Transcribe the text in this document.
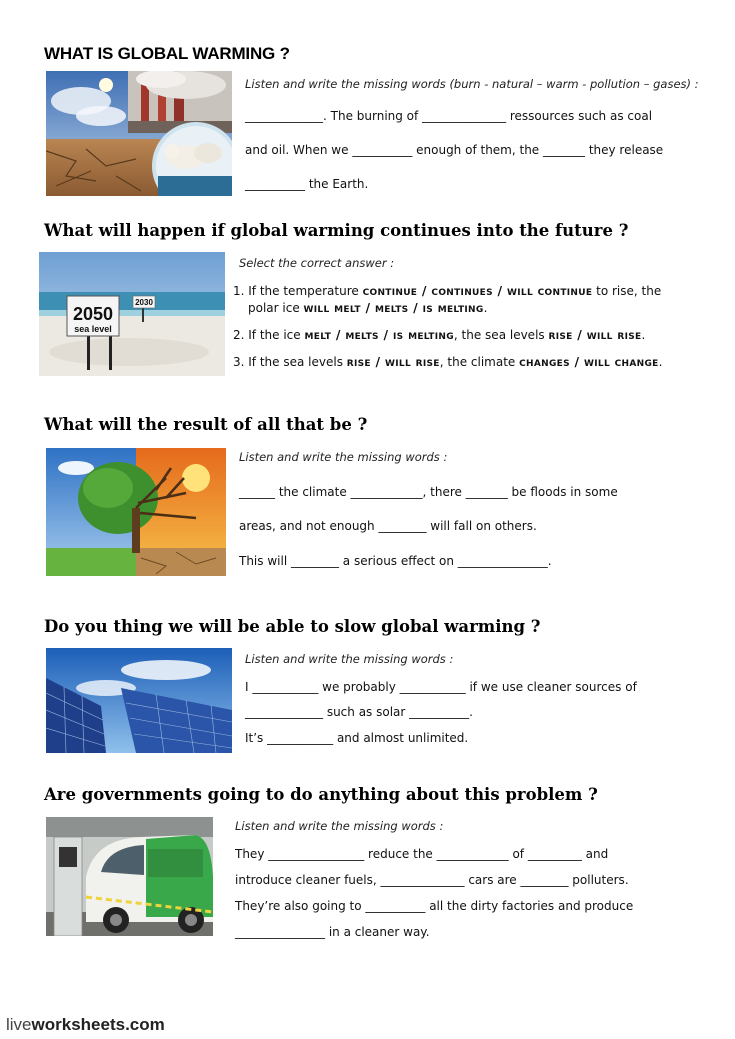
WHAT IS GLOBAL WARMING ?
Listen and write the missing words (burn - natural – warm - pollution – gases) :
_____________. The burning of ______________ ressources such as coal
and oil. When we __________ enough of them, the _______ they release
__________ the Earth.
What will happen if global warming continues into the future ?
2050
sea level
2030
Select the correct answer :
1. If the temperature continue / continues / will continue to rise, the
polar ice will melt / melts / is melting.
2. If the ice melt / melts / is melting, the sea levels rise / will rise.
3. If the sea levels rise / will rise, the climate changes / will change.
What will the result of all that be ?
Listen and write the missing words :
______ the climate ____________, there _______ be floods in some
areas, and not enough ________ will fall on others.
This will ________ a serious effect on _______________.
Do you thing we will be able to slow global warming ?
Listen and write the missing words :
I ___________ we probably ___________ if we use cleaner sources of
_____________ such as solar __________.
It’s ___________ and almost unlimited.
Are governments going to do anything about this problem ?
Listen and write the missing words :
They ________________ reduce the ____________ of _________ and
introduce cleaner fuels, ______________ cars are ________ polluters.
They’re also going to __________ all the dirty factories and produce
_______________ in a cleaner way.
liveworksheets.com
